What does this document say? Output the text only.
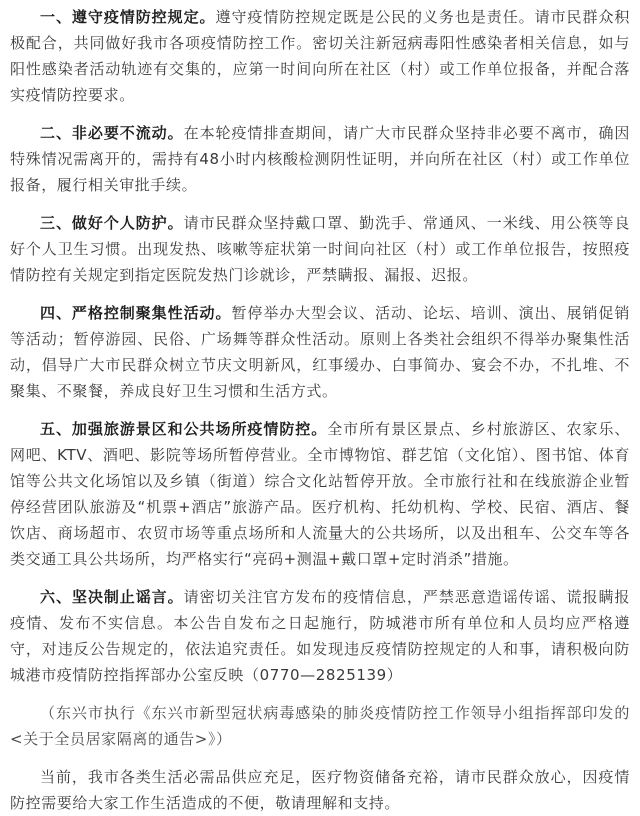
一、遵守疫情防控规定。遵守疫情防控规定既是公民的义务也是责任。请市民群众积极配合，共同做好我市各项疫情防控工作。密切关注新冠病毒阳性感染者相关信息，如与阳性感染者活动轨迹有交集的，应第一时间向所在社区（村）或工作单位报备，并配合落实疫情防控要求。

二、非必要不流动。在本轮疫情排查期间，请广大市民群众坚持非必要不离市，确因特殊情况需离开的，需持有48小时内核酸检测阴性证明，并向所在社区（村）或工作单位报备，履行相关审批手续。

三、做好个人防护。请市民群众坚持戴口罩、勤洗手、常通风、一米线、用公筷等良好个人卫生习惯。出现发热、咳嗽等症状第一时间向社区（村）或工作单位报告，按照疫情防控有关规定到指定医院发热门诊就诊，严禁瞒报、漏报、迟报。

四、严格控制聚集性活动。暂停举办大型会议、活动、论坛、培训、演出、展销促销等活动；暂停游园、民俗、广场舞等群众性活动。原则上各类社会组织不得举办聚集性活动，倡导广大市民群众树立节庆文明新风，红事缓办、白事简办、宴会不办，不扎堆、不聚集、不聚餐，养成良好卫生习惯和生活方式。

五、加强旅游景区和公共场所疫情防控。全市所有景区景点、乡村旅游区、农家乐、网吧、KTV、酒吧、影院等场所暂停营业。全市博物馆、群艺馆（文化馆）、图书馆、体育馆等公共文化场馆以及乡镇（街道）综合文化站暂停开放。全市旅行社和在线旅游企业暂停经营团队旅游及“机票+酒店”旅游产品。医疗机构、托幼机构、学校、民宿、酒店、餐饮店、商场超市、农贸市场等重点场所和人流量大的公共场所，以及出租车、公交车等各类交通工具公共场所，均严格实行“亮码+测温+戴口罩+定时消杀”措施。

六、坚决制止谣言。请密切关注官方发布的疫情信息，严禁恶意造谣传谣、谎报瞒报疫情、发布不实信息。本公告自发布之日起施行，防城港市所有单位和人员均应严格遵守，对违反公告规定的，依法追究责任。如发现违反疫情防控规定的人和事，请积极向防城港市疫情防控指挥部办公室反映（0770—2825139）

（东兴市执行《东兴市新型冠状病毒感染的肺炎疫情防控工作领导小组指挥部印发的<关于全员居家隔离的通告>》）

当前，我市各类生活必需品供应充足，医疗物资储备充裕，请市民群众放心，因疫情防控需要给大家工作生活造成的不便，敬请理解和支持。
